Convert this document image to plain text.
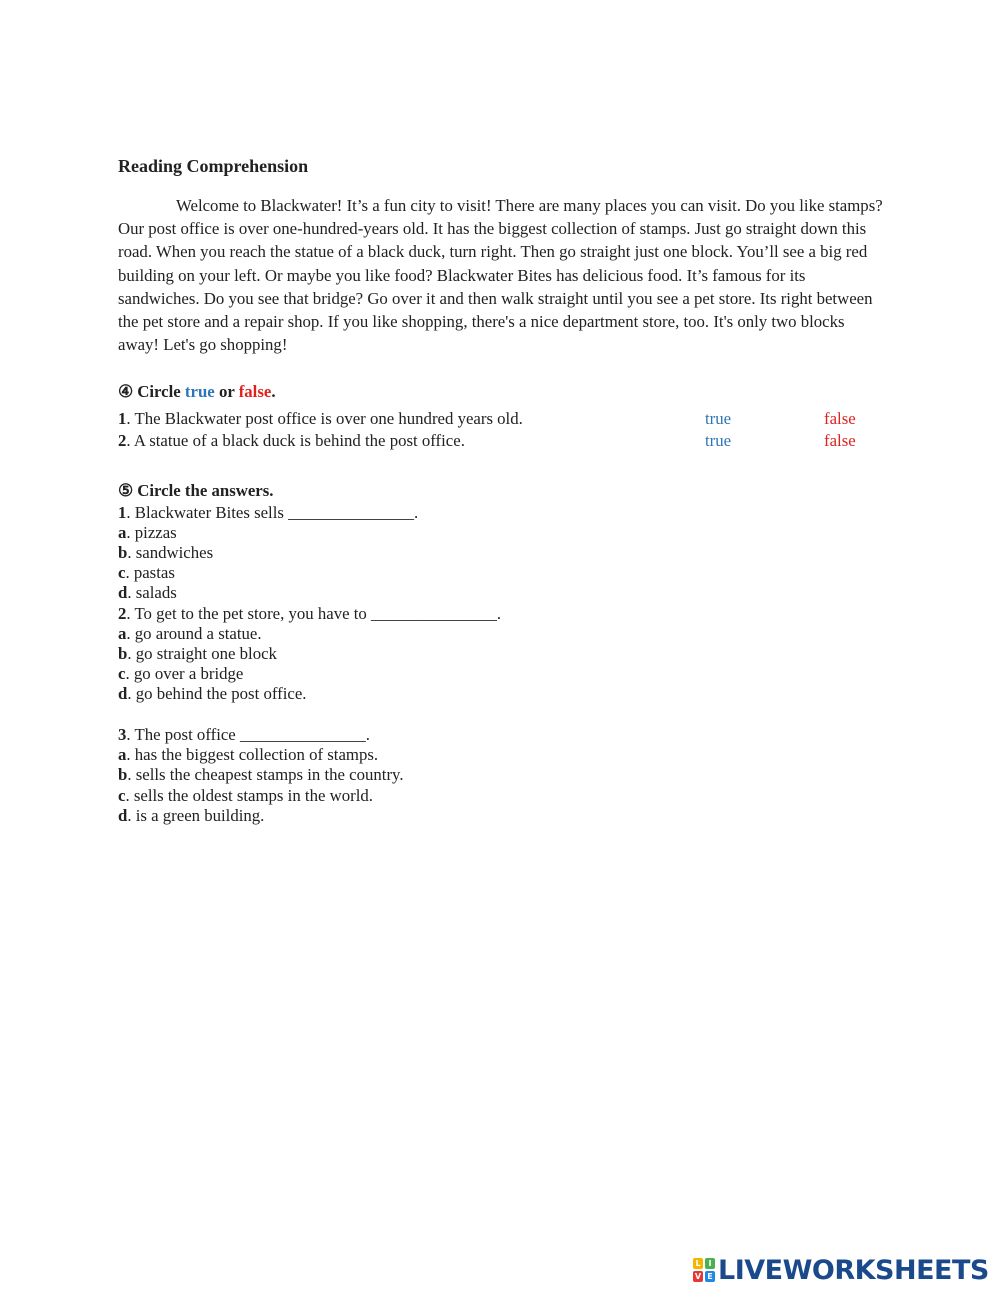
Reading Comprehension

Welcome to Blackwater! It’s a fun city to visit! There are many places you can visit. Do you like stamps? Our post office is over one-hundred-years old. It has the biggest collection of stamps. Just go straight down this road. When you reach the statue of a black duck, turn right. Then go straight just one block. You’ll see a big red building on your left. Or maybe you like food? Blackwater Bites has delicious food. It’s famous for its sandwiches. Do you see that bridge? Go over it and then walk straight until you see a pet store. Its right between the pet store and a repair shop. If you like shopping, there's a nice department store, too. It's only two blocks away! Let's go shopping!

④ Circle true or false.
1. The Blackwater post office is over one hundred years old.	true	false
2. A statue of a black duck is behind the post office.	true	false
⑤ Circle the answers.
1. Blackwater Bites sells _______________.
a. pizzas
b. sandwiches
c. pastas
d. salads
2. To get to the pet store, you have to _______________.
a. go around a statue.
b. go straight one block
c. go over a bridge
d. go behind the post office.
3. The post office _______________.
a. has the biggest collection of stamps.
b. sells the cheapest stamps in the country.
c. sells the oldest stamps in the world.
d. is a green building.
L I
V E LIVEWORKSHEETS
